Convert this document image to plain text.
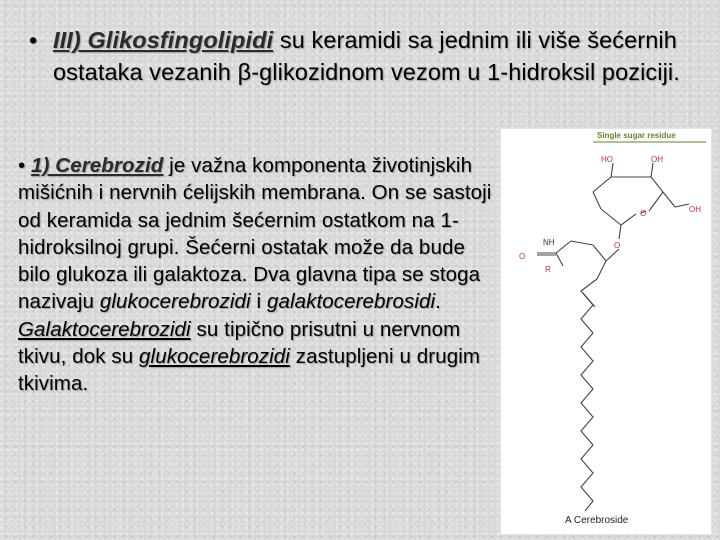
• III) Glikosfingolipidi su keramidi sa jednim ili više šećernih ostataka vezanih β-glikozidnom vezom u 1-hidroksil poziciji.
• 1) Cerebrozid je važna komponenta životinjskih mišićnih i nervnih ćelijskih membrana. On se sastoji od keramida sa jednim šećernim ostatkom na 1-hidroksilnoj grupi. Šećerni ostatak može da bude bilo glukoza ili galaktoza. Dva glavna tipa se stoga nazivaju glukocerebrozidi i galaktocerebrosidi. Galaktocerebrozidi su tipično prisutni u nervnom tkivu, dok su glukocerebrozidi zastupljeni u drugim tkivima.
Single sugar residue
HO	OH
O	OH
O
NH
O
R
A Cerebroside
